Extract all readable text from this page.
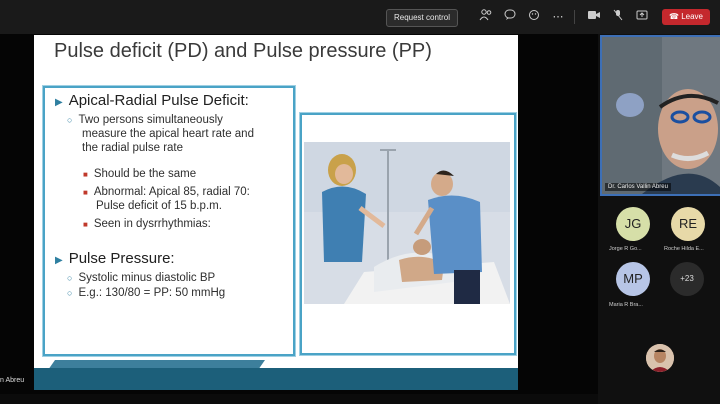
Request control	⋯	☎ Leave
Pulse deficit (PD) and Pulse pressure (PP)
▶ Apical-Radial Pulse Deficit:
○ Two persons simultaneously
measure the apical heart rate and
the radial pulse rate
■ Should be the same
■ Abnormal: Apical 85, radial 70:
Pulse deficit of 15 b.p.m.
■ Seen in dysrrhythmias:
▶ Pulse Pressure:
○ Systolic minus diastolic BP
○ E.g.: 130/80 = PP: 50 mmHg
n Abreu
Dr. Carlos Vallin Abreu
JG
Jorge R Go...
RE
Roche Hilda E...
MP
Maria R Bra...
+23
